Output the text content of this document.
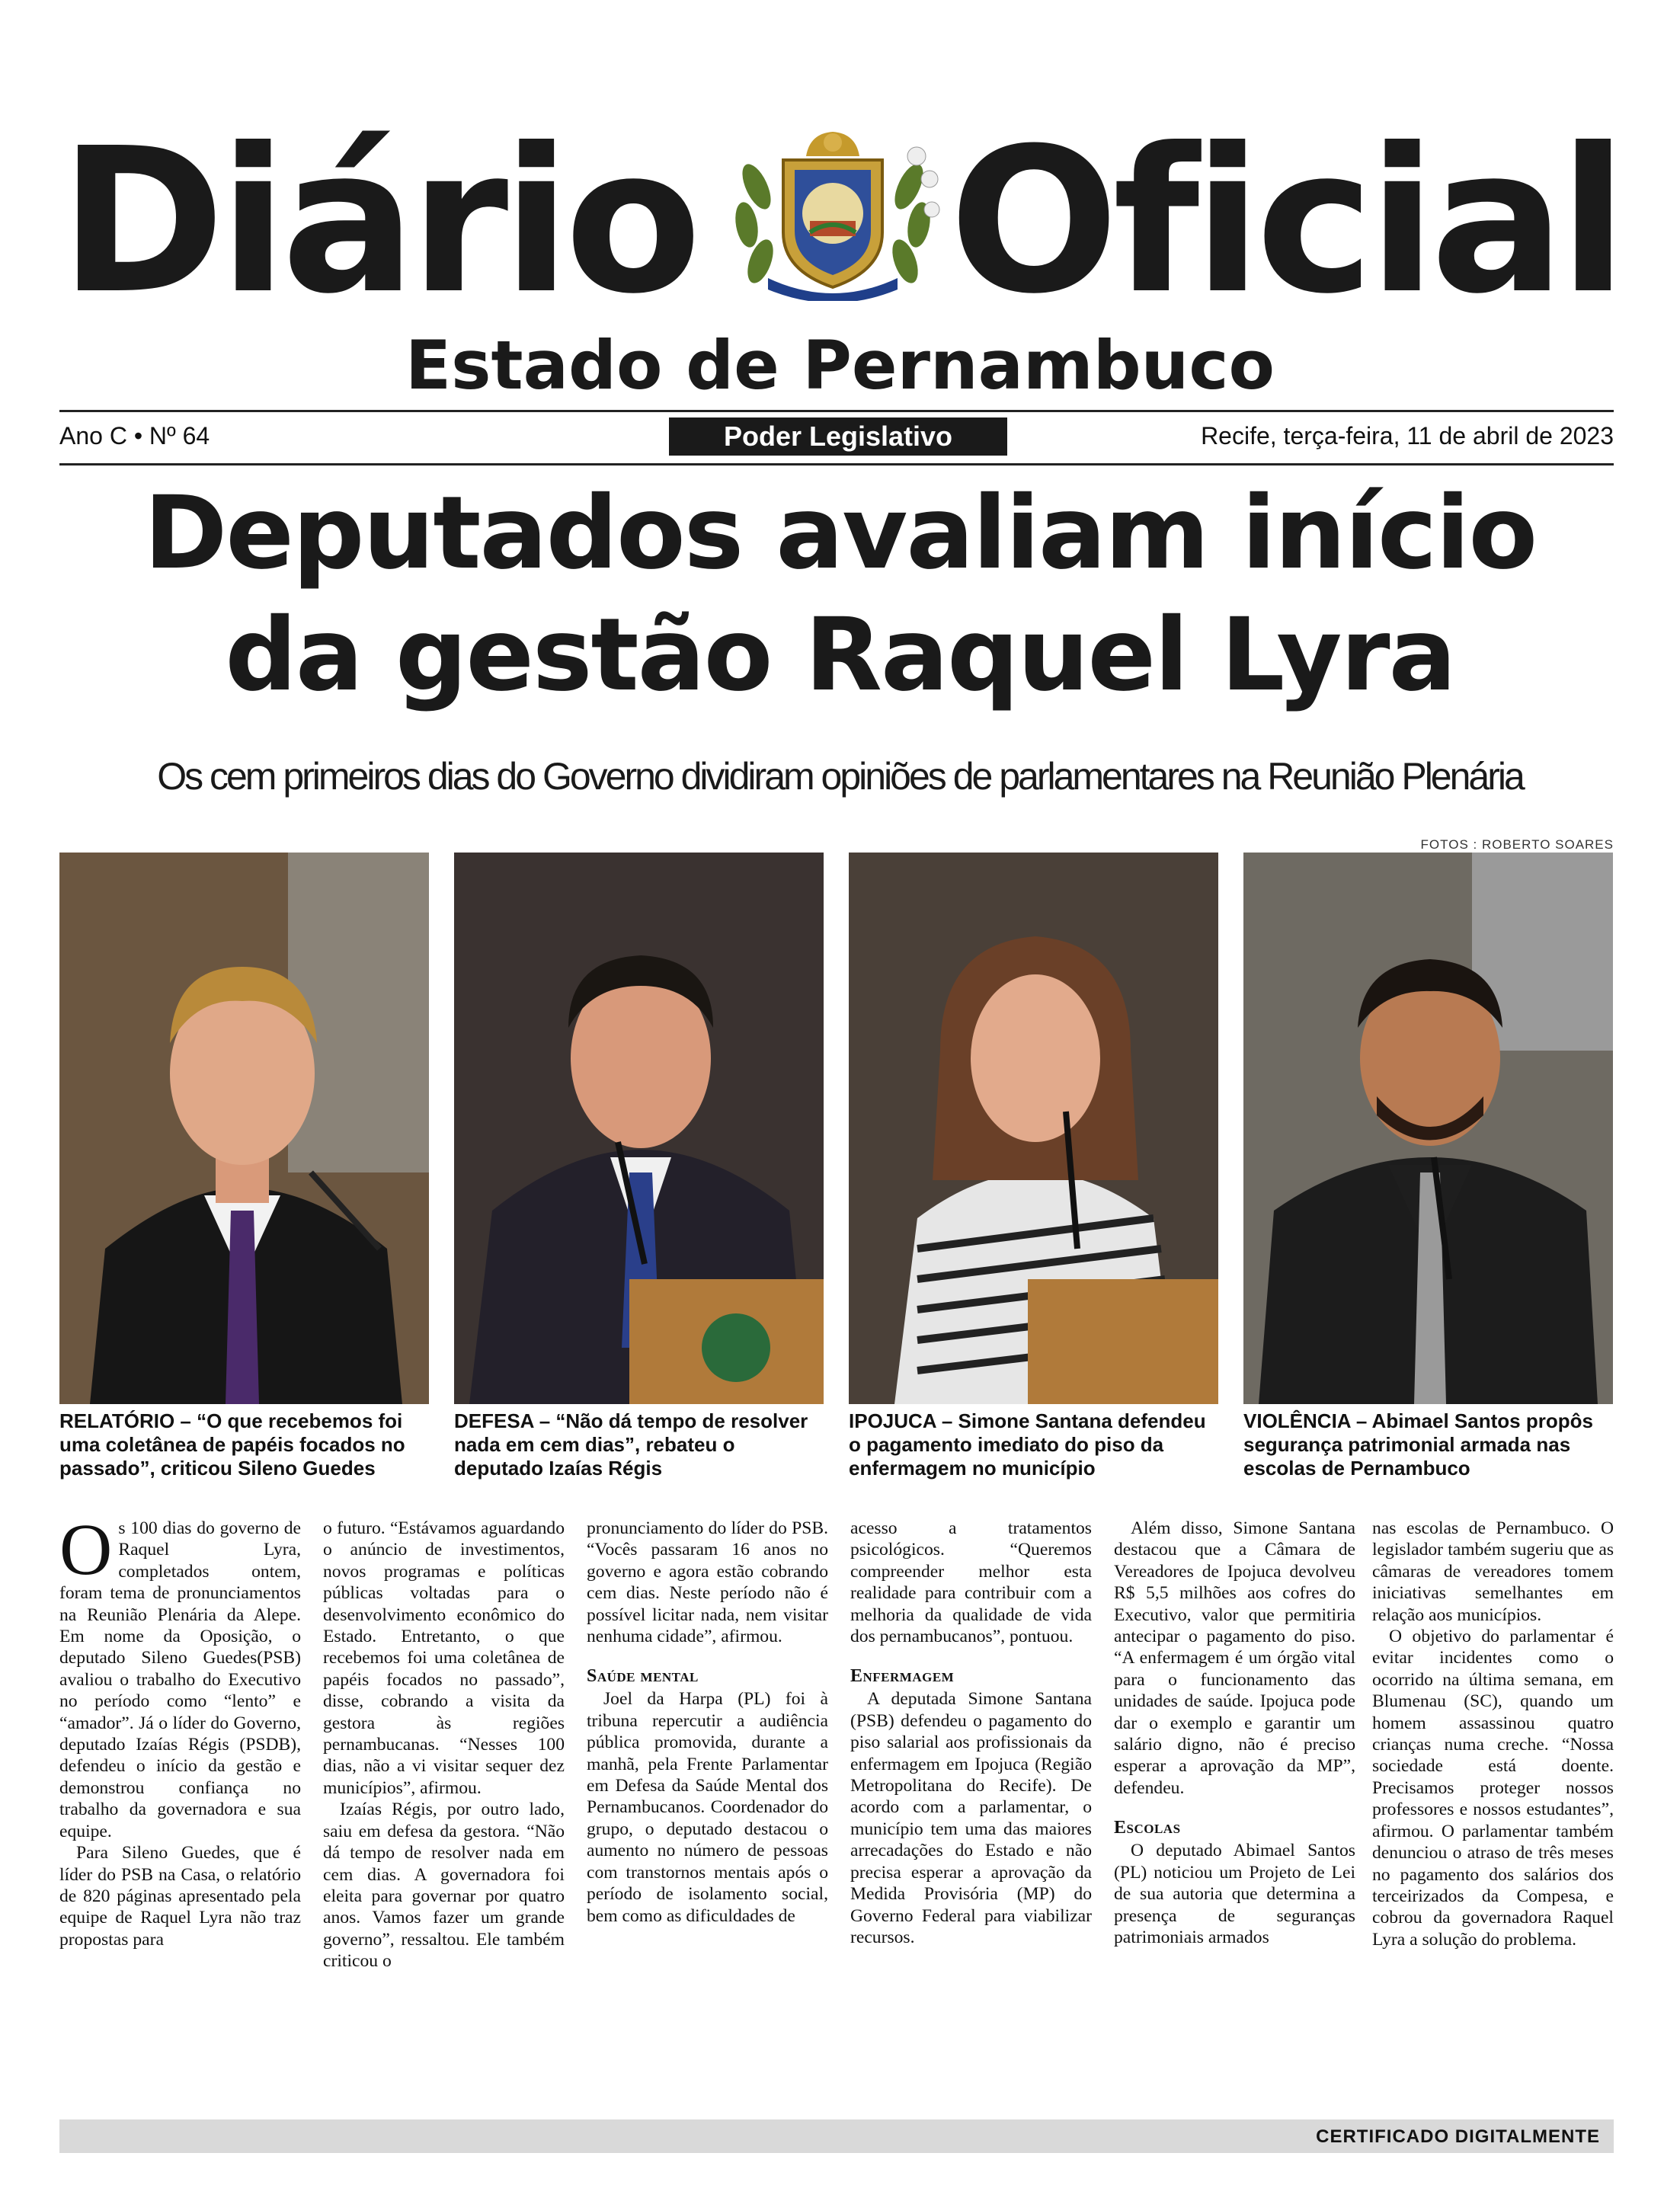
Diário Oficial
Estado de Pernambuco
Ano C • Nº 64	Poder Legislativo	Recife, terça-feira, 11 de abril de 2023
Deputados avaliam início
da gestão Raquel Lyra
Os cem primeiros dias do Governo dividiram opiniões de parlamentares na Reunião Plenária
FOTOS : ROBERTO SOARES
RELATÓRIO – “O que recebemos foi uma coletânea de papéis focados no passado”, criticou Sileno Guedes
DEFESA – “Não dá tempo de resolver nada em cem dias”, rebateu o deputado Izaías Régis
IPOJUCA – Simone Santana defendeu o pagamento imediato do piso da enfermagem no município
VIOLÊNCIA – Abimael Santos propôs segurança patrimonial armada nas escolas de Pernambuco

Os 100 dias do governo de Raquel Lyra, completados ontem, foram tema de pronunciamentos na Reunião Plenária da Alepe. Em nome da Oposição, o deputado Sileno Guedes(PSB) avaliou o trabalho do Executivo no período como “lento” e “amador”. Já o líder do Governo, deputado Izaías Régis (PSDB), defendeu o início da gestão e demonstrou confiança no trabalho da governadora e sua equipe.

Para Sileno Guedes, que é líder do PSB na Casa, o relatório de 820 páginas apresentado pela equipe de Raquel Lyra não traz propostas para

o futuro. “Estávamos aguardando o anúncio de investimentos, novos programas e políticas públicas voltadas para o desenvolvimento econômico do Estado. Entretanto, o que recebemos foi uma coletânea de papéis focados no passado”, disse, cobrando a visita da gestora às regiões pernambucanas. “Nesses 100 dias, não a vi visitar sequer dez municípios”, afirmou.

Izaías Régis, por outro lado, saiu em defesa da gestora. “Não dá tempo de resolver nada em cem dias. A governadora foi eleita para governar por quatro anos. Vamos fazer um grande governo”, ressaltou. Ele também criticou o

pronunciamento do líder do PSB. “Vocês passaram 16 anos no governo e agora estão cobrando cem dias. Neste período não é possível licitar nada, nem visitar nenhuma cidade”, afirmou.

Saúde mental

Joel da Harpa (PL) foi à tribuna repercutir a audiência pública promovida, durante a manhã, pela Frente Parlamentar em Defesa da Saúde Mental dos Pernambucanos. Coordenador do grupo, o deputado destacou o aumento no número de pessoas com transtornos mentais após o período de isolamento social, bem como as dificuldades de

acesso a tratamentos psicológicos. “Queremos compreender melhor esta realidade para contribuir com a melhoria da qualidade de vida dos pernambucanos”, pontuou.

Enfermagem

A deputada Simone Santana (PSB) defendeu o pagamento do piso salarial aos profissionais da enfermagem em Ipojuca (Região Metropolitana do Recife). De acordo com a parlamentar, o município tem uma das maiores arrecadações do Estado e não precisa esperar a aprovação da Medida Provisória (MP) do Governo Federal para viabilizar recursos.

Além disso, Simone Santana destacou que a Câmara de Vereadores de Ipojuca devolveu R$ 5,5 milhões aos cofres do Executivo, valor que permitiria antecipar o pagamento do piso. “A enfermagem é um órgão vital para o funcionamento das unidades de saúde. Ipojuca pode dar o exemplo e garantir um salário digno, não é preciso esperar a aprovação da MP”, defendeu.

Escolas

O deputado Abimael Santos (PL) noticiou um Projeto de Lei de sua autoria que determina a presença de seguranças patrimoniais armados

nas escolas de Pernambuco. O legislador também sugeriu que as câmaras de vereadores tomem iniciativas semelhantes em relação aos municípios.

O objetivo do parlamentar é evitar incidentes como o ocorrido na última semana, em Blumenau (SC), quando um homem assassinou quatro crianças numa creche. “Nossa sociedade está doente. Precisamos proteger nossos professores e nossos estudantes”, afirmou. O parlamentar também denunciou o atraso de três meses no pagamento dos salários dos terceirizados da Compesa, e cobrou da governadora Raquel Lyra a solução do problema.

CERTIFICADO DIGITALMENTE
